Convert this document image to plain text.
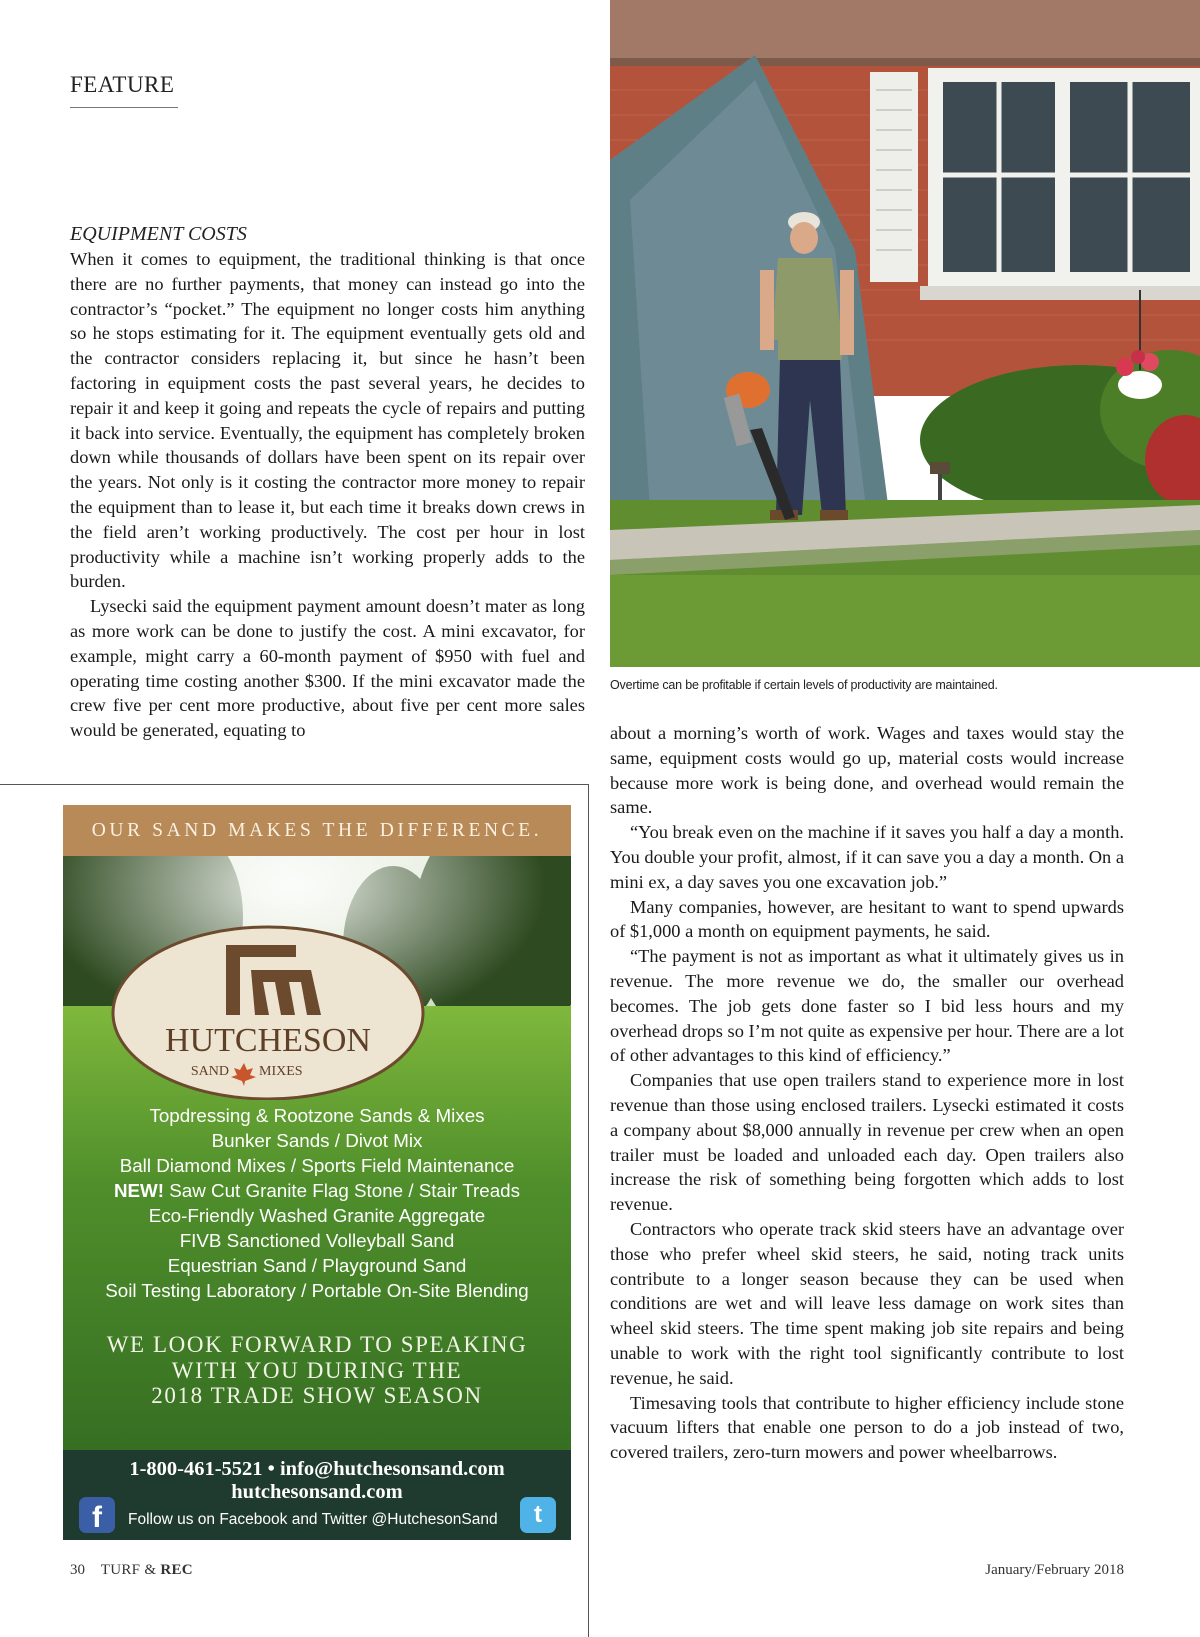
FEATURE
EQUIPMENT COSTS

When it comes to equipment, the traditional thinking is that once there are no further payments, that money can instead go into the contractor’s “pocket.” The equipment no longer costs him anything so he stops estimating for it. The equipment eventually gets old and the contractor considers replacing it, but since he hasn’t been factoring in equipment costs the past several years, he decides to repair it and keep it going and repeats the cycle of repairs and putting it back into service. Eventually, the equipment has completely broken down while thousands of dollars have been spent on its repair over the years. Not only is it costing the contractor more money to repair the equipment than to lease it, but each time it breaks down crews in the field aren’t working productively. The cost per hour in lost productivity while a machine isn’t working properly adds to the burden.

Lysecki said the equipment payment amount doesn’t mater as long as more work can be done to justify the cost. A mini excavator, for example, might carry a 60-month payment of $950 with fuel and operating time costing another $300. If the mini excavator made the crew five per cent more productive, about five per cent more sales would be generated, equating to

Overtime can be profitable if certain levels of productivity are maintained.

about a morning’s worth of work. Wages and taxes would stay the same, equipment costs would go up, material costs would increase because more work is being done, and overhead would remain the same.

“You break even on the machine if it saves you half a day a month. You double your profit, almost, if it can save you a day a month. On a mini ex, a day saves you one excavation job.”

Many companies, however, are hesitant to want to spend upwards of $1,000 a month on equipment payments, he said.

“The payment is not as important as what it ultimately gives us in revenue. The more revenue we do, the smaller our overhead becomes. The job gets done faster so I bid less hours and my overhead drops so I’m not quite as expensive per hour. There are a lot of other advantages to this kind of efficiency.”

Companies that use open trailers stand to experience more in lost revenue than those using enclosed trailers. Lysecki estimated it costs a company about $8,000 annually in revenue per crew when an open trailer must be loaded and unloaded each day. Open trailers also increase the risk of something being forgotten which adds to lost revenue.

Contractors who operate track skid steers have an advantage over those who prefer wheel skid steers, he said, noting track units contribute to a longer season because they can be used when conditions are wet and will leave less damage on work sites than wheel skid steers. The time spent making job site repairs and being unable to work with the right tool significantly contribute to lost revenue, he said.

Timesaving tools that contribute to higher efficiency include stone vacuum lifters that enable one person to do a job instead of two, covered trailers, zero-turn mowers and power wheelbarrows.

OUR SAND MAKES THE DIFFERENCE.
HUTCHESON
SAND MIXES
Topdressing & Rootzone Sands & Mixes
Bunker Sands / Divot Mix
Ball Diamond Mixes / Sports Field Maintenance
NEW! Saw Cut Granite Flag Stone / Stair Treads
Eco-Friendly Washed Granite Aggregate
FIVB Sanctioned Volleyball Sand
Equestrian Sand / Playground Sand
Soil Testing Laboratory / Portable On-Site Blending
WE LOOK FORWARD TO SPEAKING
WITH YOU DURING THE
2018 TRADE SHOW SEASON
1-800-461-5521 • info@hutchesonsand.com
hutchesonsand.com
f	Follow us on Facebook and Twitter @HutchesonSand	t
30 TURF & REC	January/February 2018
